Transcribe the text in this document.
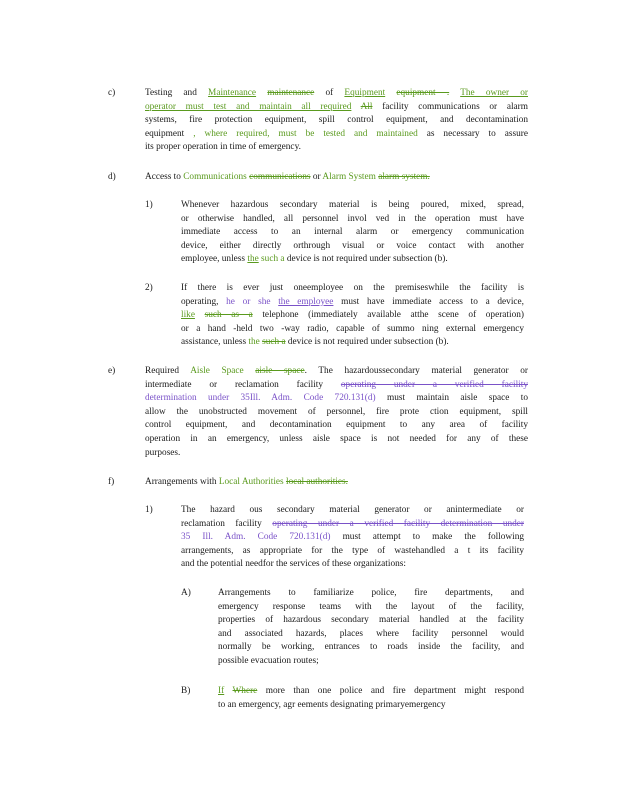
c)	Testing and Maintenance maintenance of Equipment equipment . The owner or
operator must test and maintain all required All facility communications or alarm
systems, fire protection equipment, spill control equipment, and decontamination
equipment , where required, must be tested and maintained as necessary to assure
its proper operation in time of emergency.
d)	Access to Communications communications or Alarm System alarm system.
1)	Whenever hazardous secondary material is being poured, mixed, spread,
or otherwise handled, all personnel invol ved in the operation must have
immediate access to an internal alarm or emergency communication
device, either directly orthrough visual or voice contact with another
employee, unless the such a device is not required under subsection (b).
2)	If there is ever just oneemployee on the premiseswhile the facility is
operating, he or she the employee must have immediate access to a device,
like such as a telephone (immediately available atthe scene of operation)
or a hand -held two -way radio, capable of summo ning external emergency
assistance, unless the such a device is not required under subsection (b).
e)	Required Aisle Space aisle space. The hazardoussecondary material generator or
intermediate or reclamation facility operating under a verified facility
determination under 35Ill. Adm. Code 720.131(d) must maintain aisle space to
allow the unobstructed movement of personnel, fire prote ction equipment, spill
control equipment, and decontamination equipment to any area of facility
operation in an emergency, unless aisle space is not needed for any of these
purposes.
f)	Arrangements with Local Authorities local authorities.
1)	The hazard ous secondary material generator or anintermediate or
reclamation facility operating under a verified facility determination under
35 Ill. Adm. Code 720.131(d) must attempt to make the following
arrangements, as appropriate for the type of wastehandled a t its facility
and the potential needfor the services of these organizations:
A)	Arrangements to familiarize police, fire departments, and
emergency response teams with the layout of the facility,
properties of hazardous secondary material handled at the facility
and associated hazards, places where facility personnel would
normally be working, entrances to roads inside the facility, and
possible evacuation routes;
B)	If Where more than one police and fire department might respond
to an emergency, agr eements designating primaryemergency
